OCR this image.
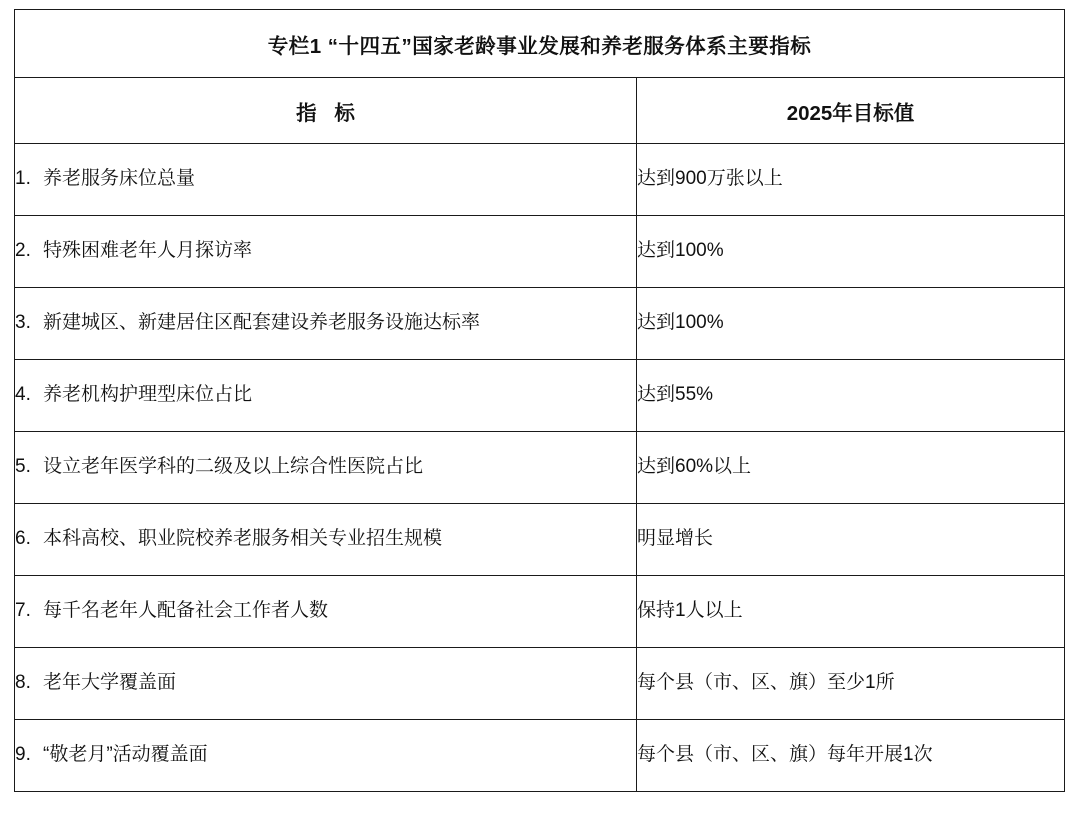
专栏1 “十四五”国家老龄事业发展和养老服务体系主要指标	
指 标	2025年目标值
1. 养老服务床位总量	达到900万张以上
2. 特殊困难老年人月探访率	达到100%
3. 新建城区、新建居住区配套建设养老服务设施达标率	达到100%
4. 养老机构护理型床位占比	达到55%
5. 设立老年医学科的二级及以上综合性医院占比	达到60%以上
6. 本科高校、职业院校养老服务相关专业招生规模	明显增长
7. 每千名老年人配备社会工作者人数	保持1人以上
8. 老年大学覆盖面	每个县（市、区、旗）至少1所
9. “敬老月”活动覆盖面	每个县（市、区、旗）每年开展1次
